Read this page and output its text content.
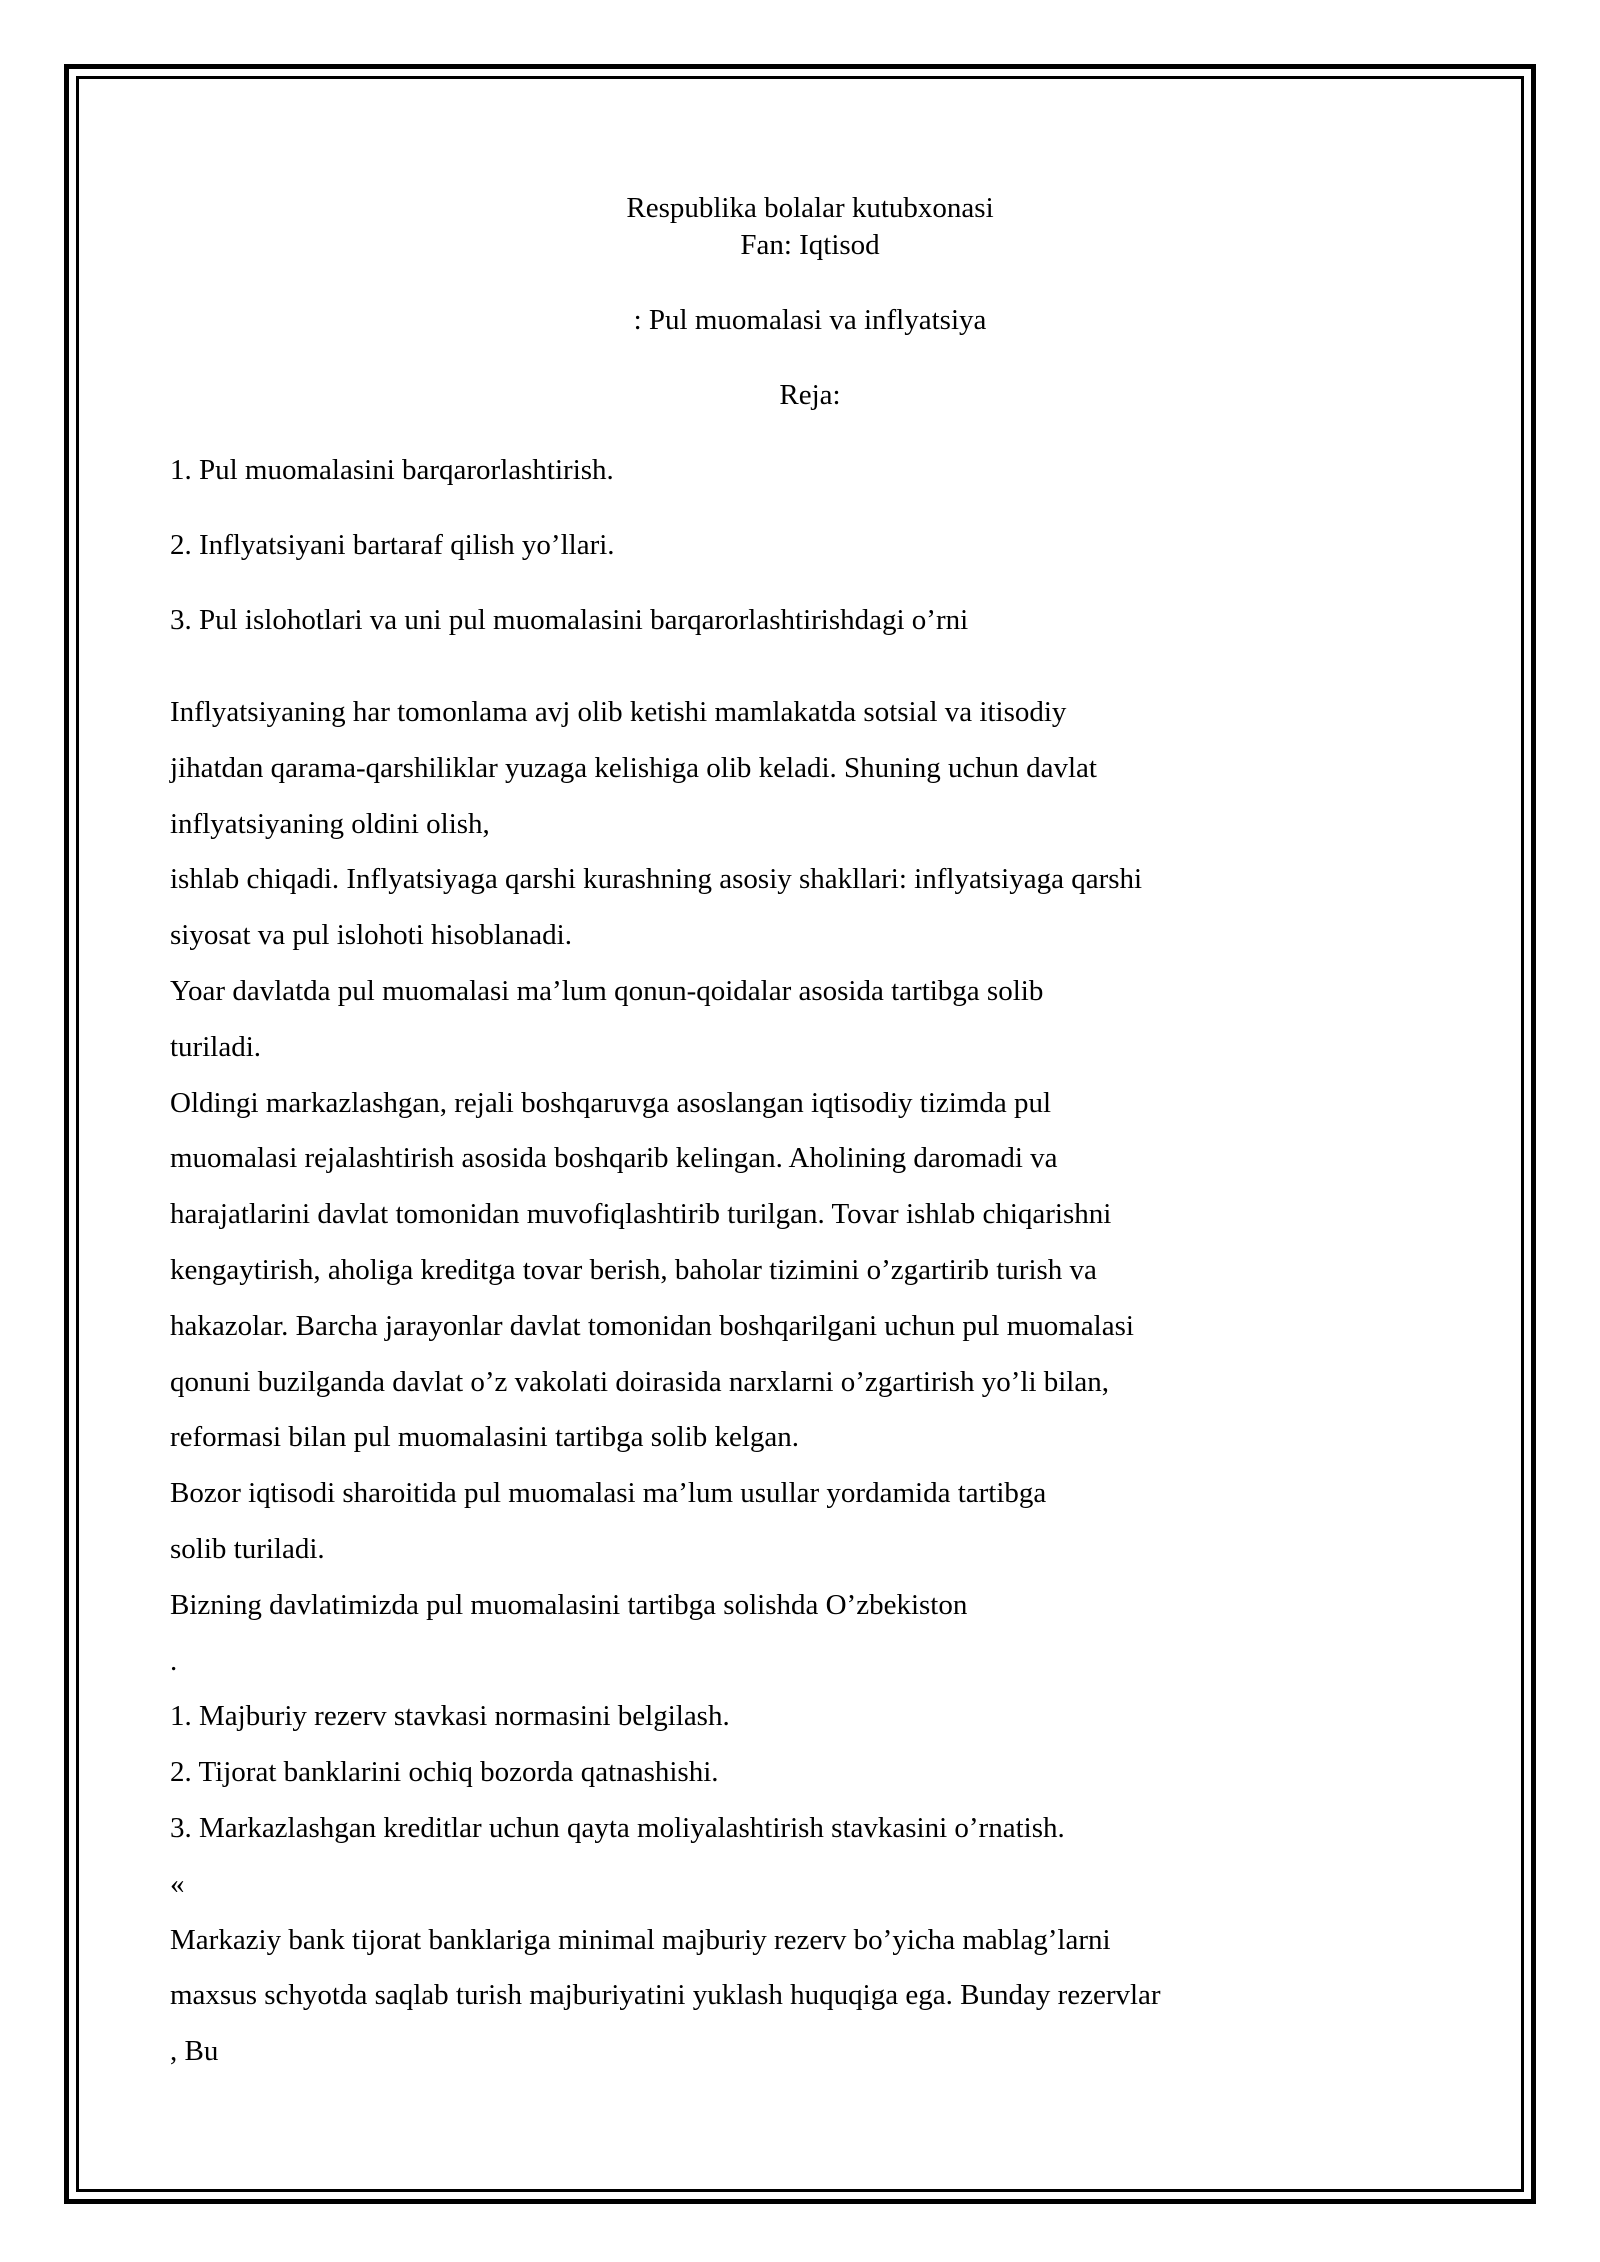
Respublika bolalar kutubxonasi
Fan: Iqtisod
: Pul muomalasi va inflyatsiya
Reja:
1. Pul muomalasini barqarorlashtirish.
2. Inflyatsiyani bartaraf qilish yo’llari.
3. Pul islohotlari va uni pul muomalasini barqarorlashtirishdagi o’rni
Inflyatsiyaning har tomonlama avj olib ketishi mamlakatda sotsial va itisodiy
jihatdan qarama-qarshiliklar yuzaga kelishiga olib keladi. Shuning uchun davlat
inflyatsiyaning oldini olish,
ishlab chiqadi. Inflyatsiyaga qarshi kurashning asosiy shakllari: inflyatsiyaga qarshi
siyosat va pul islohoti hisoblanadi.
Yoar davlatda pul muomalasi ma’lum qonun-qoidalar asosida tartibga solib
turiladi.
Oldingi markazlashgan, rejali boshqaruvga asoslangan iqtisodiy tizimda pul
muomalasi rejalashtirish asosida boshqarib kelingan. Aholining daromadi va
harajatlarini davlat tomonidan muvofiqlashtirib turilgan. Tovar ishlab chiqarishni
kengaytirish, aholiga kreditga tovar berish, baholar tizimini o’zgartirib turish va
hakazolar. Barcha jarayonlar davlat tomonidan boshqarilgani uchun pul muomalasi
qonuni buzilganda davlat o’z vakolati doirasida narxlarni o’zgartirish yo’li bilan,
reformasi bilan pul muomalasini tartibga solib kelgan.
Bozor iqtisodi sharoitida pul muomalasi ma’lum usullar yordamida tartibga
solib turiladi.
Bizning davlatimizda pul muomalasini tartibga solishda O’zbekiston
.
1. Majburiy rezerv stavkasi normasini belgilash.
2. Tijorat banklarini ochiq bozorda qatnashishi.
3. Markazlashgan kreditlar uchun qayta moliyalashtirish stavkasini o’rnatish.
«
Markaziy bank tijorat banklariga minimal majburiy rezerv bo’yicha mablag’larni
maxsus schyotda saqlab turish majburiyatini yuklash huquqiga ega. Bunday rezervlar
, Bu
